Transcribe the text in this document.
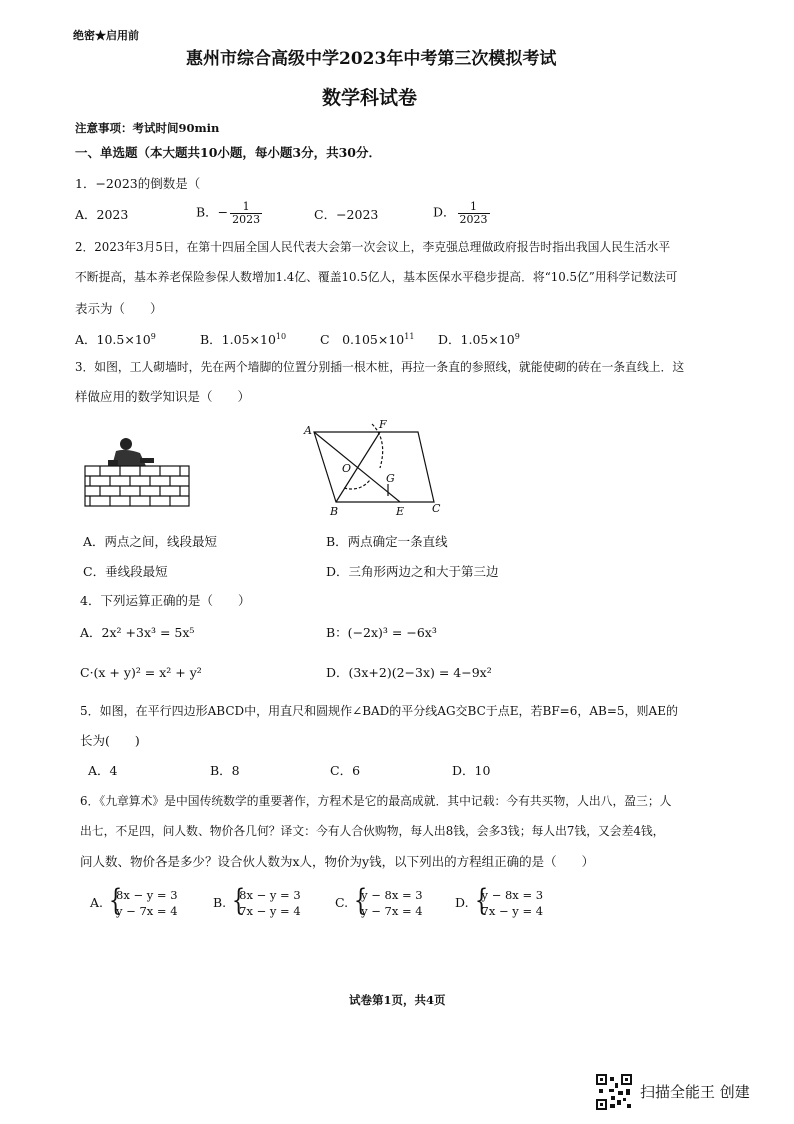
绝密★启用前
惠州市综合高级中学2023年中考第三次模拟考试
数学科试卷
注意事项：考试时间90min
一、单选题（本大题共10小题，每小题3分，共30分．
1．−2023的倒数是（
A．2023	B．− $\frac{1}{2023}$	C．−2023	D． $\frac{1}{2023}$
2．2023年3月5日，在第十四届全国人民代表大会第一次会议上，李克强总理做政府报告时指出我国人民生活水平
不断提高，基本养老保险参保人数增加1.4亿、覆盖10.5亿人，基本医保水平稳步提高．将“10.5亿”用科学记数法可
表示为（　　）
A．$10.5\times 10^9$	B．$1.05\times 10^{10}$	C　$0.105\times 10^{11}$ D．$1.05\times 10^9$
3．如图，工人砌墙时，先在两个墙脚的位置分别插一根木桩，再拉一条直的参照线，就能使砌的砖在一条直线上．这
样做应用的数学知识是（　　）
A	F
O
G
B	E	C
A．两点之间，线段最短	B．两点确定一条直线
C．垂线段最短	D．三角形两边之和大于第三边
4．下列运算正确的是（　　）
A．2x² +3x³ = 5x⁵	B：(−2x)³ = −6x³
C·(x + y)² = x² + y²	D．(3x+2)(2−3x) = 4−9x²
5．如图，在平行四边形ABCD中，用直尺和圆规作∠BAD的平分线AG交BC于点E，若BF=6，AB=5，则AE的
长为(　　)
A．4	B．8	C．6	D．10
6．《九章算术》是中国传统数学的重要著作，方程术是它的最高成就．其中记载：今有共买物，人出八，盈三；人
出七，不足四，问人数、物价各几何？译文：今有人合伙购物，每人出8钱，会多3钱；每人出7钱，又会差4钱，
问人数、物价各是多少？设合伙人数为x人，物价为y钱，以下列出的方程组正确的是（　　）
A.
{ 8x − y = 3
y − 7x = 4
B.
{ 8x − y = 3
7x − y = 4
C.
{ y − 8x = 3
y − 7x = 4
D.
{ y − 8x = 3
7x − y = 4
试卷第1页，共4页
扫描全能王 创建
